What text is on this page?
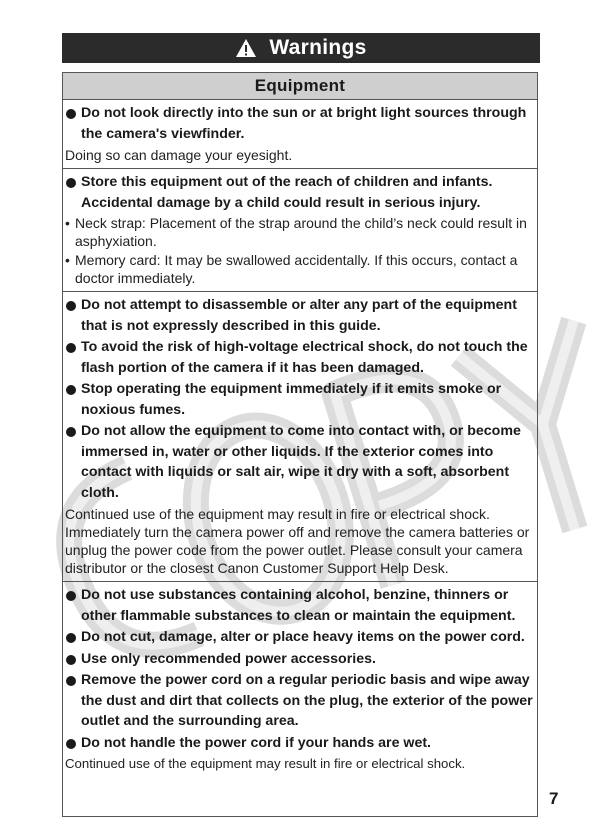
Warnings
Equipment
Do not look directly into the sun or at bright light sources through the camera's viewfinder.
Doing so can damage your eyesight.
Store this equipment out of the reach of children and infants. Accidental damage by a child could result in serious injury.
• Neck strap: Placement of the strap around the child’s neck could result in asphyxiation.
• Memory card: It may be swallowed accidentally. If this occurs, contact a doctor immediately.
Do not attempt to disassemble or alter any part of the equipment that is not expressly described in this guide.
To avoid the risk of high-voltage electrical shock, do not touch the flash portion of the camera if it has been damaged.
Stop operating the equipment immediately if it emits smoke or noxious fumes.
Do not allow the equipment to come into contact with, or become immersed in, water or other liquids. If the exterior comes into contact with liquids or salt air, wipe it dry with a soft, absorbent cloth.
Continued use of the equipment may result in fire or electrical shock. Immediately turn the camera power off and remove the camera batteries or unplug the power code from the power outlet. Please consult your camera distributor or the closest Canon Customer Support Help Desk.
Do not use substances containing alcohol, benzine, thinners or other flammable substances to clean or maintain the equipment.
Do not cut, damage, alter or place heavy items on the power cord.
Use only recommended power accessories.
Remove the power cord on a regular periodic basis and wipe away the dust and dirt that collects on the plug, the exterior of the power outlet and the surrounding area.
Do not handle the power cord if your hands are wet.
Continued use of the equipment may result in fire or electrical shock.
7
